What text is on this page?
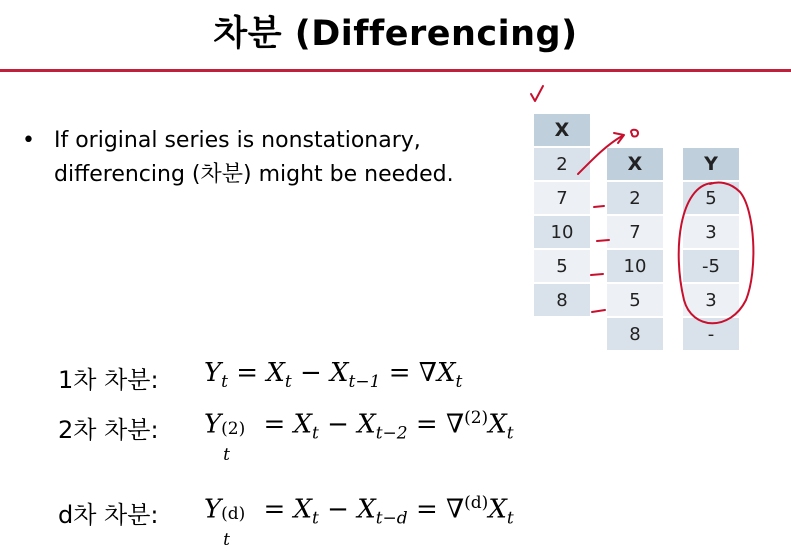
차분 (Differencing)
• If original series is nonstationary,
differencing (차분) might be needed.
X
2
7
10
5
8
X
2
7
10
5
8
Y
5
3
-5
3
-
1차 차분: $Y_t = X_t - X_{t-1} = \nabla X_t$
2차 차분: Y (2)
t
= $X_t - X_{t-2} = \nabla^{(2)}X_t$
d차 차분: Y (d)
t
= $X_t - X_{t-d} = \nabla^{(d)}X_t$
